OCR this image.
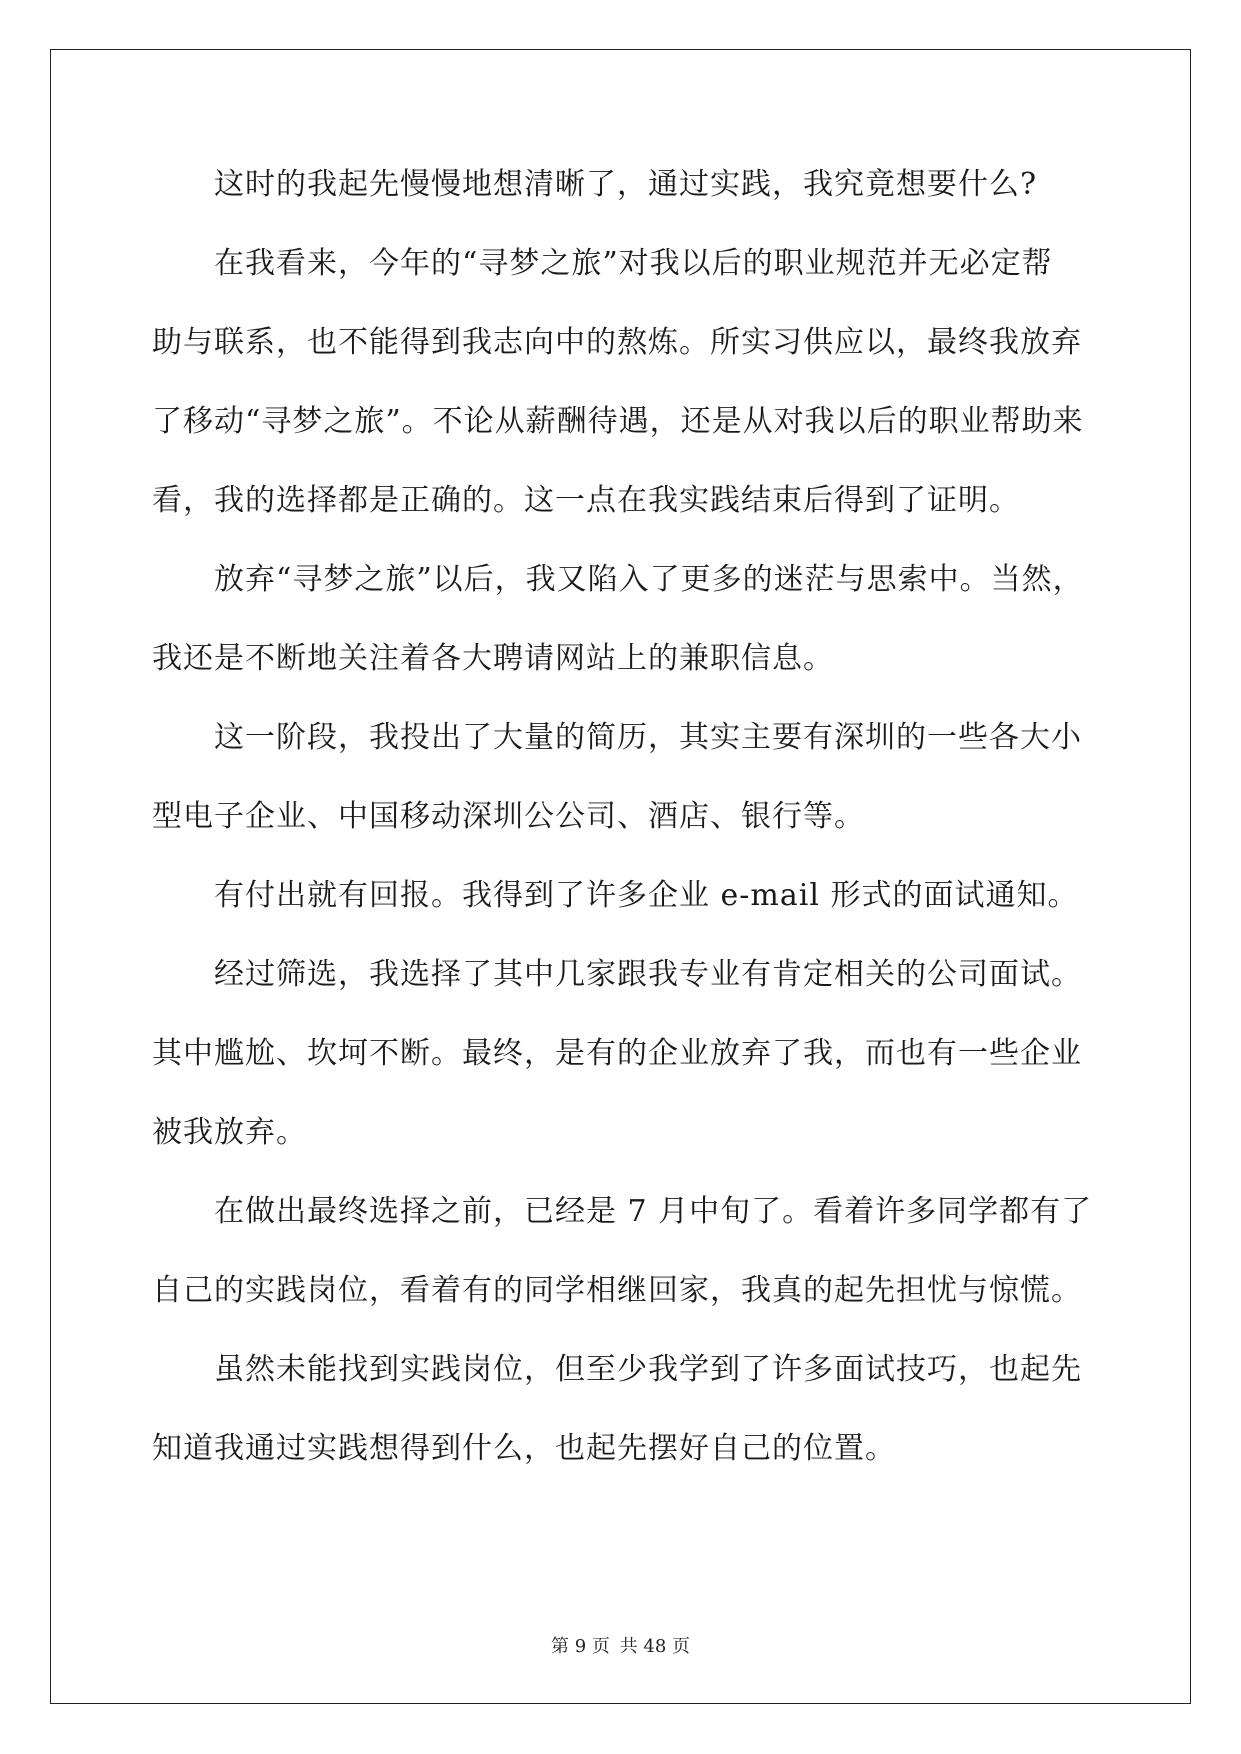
这时的我起先慢慢地想清晰了，通过实践，我究竟想要什么?
在我看来，今年的“寻梦之旅”对我以后的职业规范并无必定帮
助与联系，也不能得到我志向中的熬炼。所实习供应以，最终我放弃
了移动“寻梦之旅”。不论从薪酬待遇，还是从对我以后的职业帮助来
看，我的选择都是正确的。这一点在我实践结束后得到了证明。
放弃“寻梦之旅”以后，我又陷入了更多的迷茫与思索中。当然，
我还是不断地关注着各大聘请网站上的兼职信息。
这一阶段，我投出了大量的简历，其实主要有深圳的一些各大小
型电子企业、中国移动深圳公公司、酒店、银行等。
有付出就有回报。我得到了许多企业 e-mail 形式的面试通知。
经过筛选，我选择了其中几家跟我专业有肯定相关的公司面试。
其中尴尬、坎坷不断。最终，是有的企业放弃了我，而也有一些企业
被我放弃。
在做出最终选择之前，已经是 7 月中旬了。看着许多同学都有了
自己的实践岗位，看着有的同学相继回家，我真的起先担忧与惊慌。
虽然未能找到实践岗位，但至少我学到了许多面试技巧，也起先
知道我通过实践想得到什么，也起先摆好自己的位置。
第 9 页 共 48 页
